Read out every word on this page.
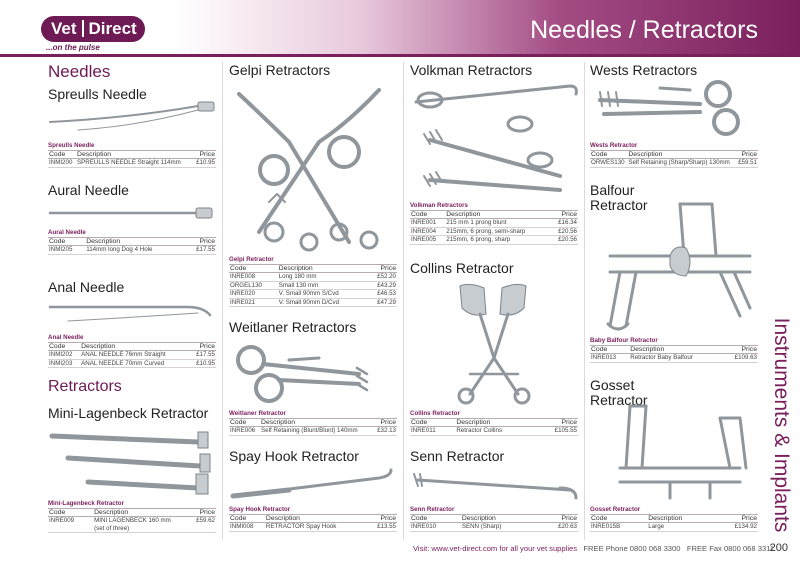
Vet Direct
...on the pulse
Needles / Retractors
Instruments & Implants
Needles
Spreulls Needle
Spreulls Needle
Code	Description	Price
INMI200	SPREULLS NEEDLE Straight 114mm	£10.95
Aural Needle
Aural Needle
Code	Description	Price
INMI205	114mm long Dog 4 Hole	£17.55
Anal Needle
Anal Needle
Code	Description	Price
INMI202	ANAL NEEDLE 76mm Straight	£17.55
INMI203	ANAL NEEDLE 70mm Curved	£10.95
Retractors
Mini-Lagenbeck Retractor
Mini-Lagenbeck Retractor
Code	Description	Price
INRE009	MINI LAGENBECK 160 mm (set of three)	£59.62
Gelpi Retractors
Gelpi Retractor
Code	Description	Price
INRE008	Long 180 mm	£52.20
ORGEL130	Small 130 mm	£43.29
INRE020	V. Small 90mm S/Cvd	£46.53
INRE021	V. Small 90mm D/Cvd	£47.29
Weitlaner Retractors
Weitlaner Retractor
Code	Description	Price
INRE006	Self Retaining (Blunt/Blunt) 140mm	£32.13
Spay Hook Retractor
Spay Hook Retractor
Code	Description	Price
INMI008	RETRACTOR Spay Hook	£13.55
Volkman Retractors
Volkman Retractors
Code	Description	Price
INRE001	215 mm 1 prong blunt	£16.34
INRE004	215mm, 6 prong, semi-sharp	£20.56
INRE005	215mm, 6 prong, sharp	£20.56
Collins Retractor
Collins Retractor
Code	Description	Price
INRE011	Retractor Collins	£105.55
Senn Retractor
Senn Retractor
Code	Description	Price
INRE010	SENN (Sharp)	£20.63
Wests Retractors
Wests Retractor
Code	Description	Price
ORWES130	Self Retaining (Sharp/Sharp) 130mm	£59.51
Balfour Retractor
Baby Balfour Retractor
Code	Description	Price
INRE013	Retractor Baby Balfour	£109.63
Gosset Retractor
Gosset Retractor
Code	Description	Price
INRE015B	Large	£134.92
Visit: www.vet-direct.com for all your vet supplies FREE Phone 0800 068 3300 FREE Fax 0800 068 3311
200
